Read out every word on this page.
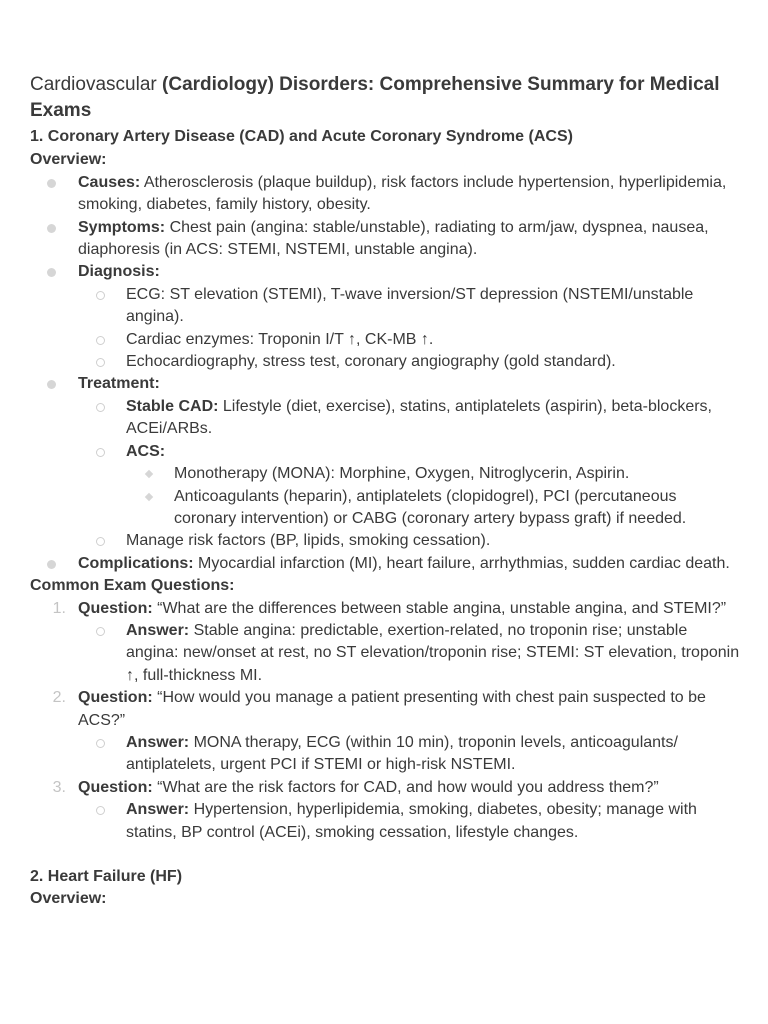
Cardiovascular (Cardiology) Disorders: Comprehensive Summary for Medical Exams
1. Coronary Artery Disease (CAD) and Acute Coronary Syndrome (ACS)
Overview:
Causes: Atherosclerosis (plaque buildup), risk factors include hypertension, hyperlipidemia, smoking, diabetes, family history, obesity.
Symptoms: Chest pain (angina: stable/unstable), radiating to arm/jaw, dyspnea, nausea, diaphoresis (in ACS: STEMI, NSTEMI, unstable angina).
Diagnosis:
ECG: ST elevation (STEMI), T-wave inversion/ST depression (NSTEMI/unstable angina).
Cardiac enzymes: Troponin I/T ↑, CK-MB ↑.
Echocardiography, stress test, coronary angiography (gold standard).
Treatment:
Stable CAD: Lifestyle (diet, exercise), statins, antiplatelets (aspirin), beta-blockers, ACEi/ARBs.
ACS:
Monotherapy (MONA): Morphine, Oxygen, Nitroglycerin, Aspirin.
Anticoagulants (heparin), antiplatelets (clopidogrel), PCI (percutaneous coronary intervention) or CABG (coronary artery bypass graft) if needed.
Manage risk factors (BP, lipids, smoking cessation).
Complications: Myocardial infarction (MI), heart failure, arrhythmias, sudden cardiac death.
Common Exam Questions:
1. Question: “What are the differences between stable angina, unstable angina, and STEMI?”
Answer: Stable angina: predictable, exertion-related, no troponin rise; unstable angina: new/onset at rest, no ST elevation/troponin rise; STEMI: ST elevation, troponin ↑, full-thickness MI.
2. Question: “How would you manage a patient presenting with chest pain suspected to be ACS?”
Answer: MONA therapy, ECG (within 10 min), troponin levels, anticoagulants/ antiplatelets, urgent PCI if STEMI or high-risk NSTEMI.
3. Question: “What are the risk factors for CAD, and how would you address them?”
Answer: Hypertension, hyperlipidemia, smoking, diabetes, obesity; manage with statins, BP control (ACEi), smoking cessation, lifestyle changes.
2. Heart Failure (HF)
Overview:
